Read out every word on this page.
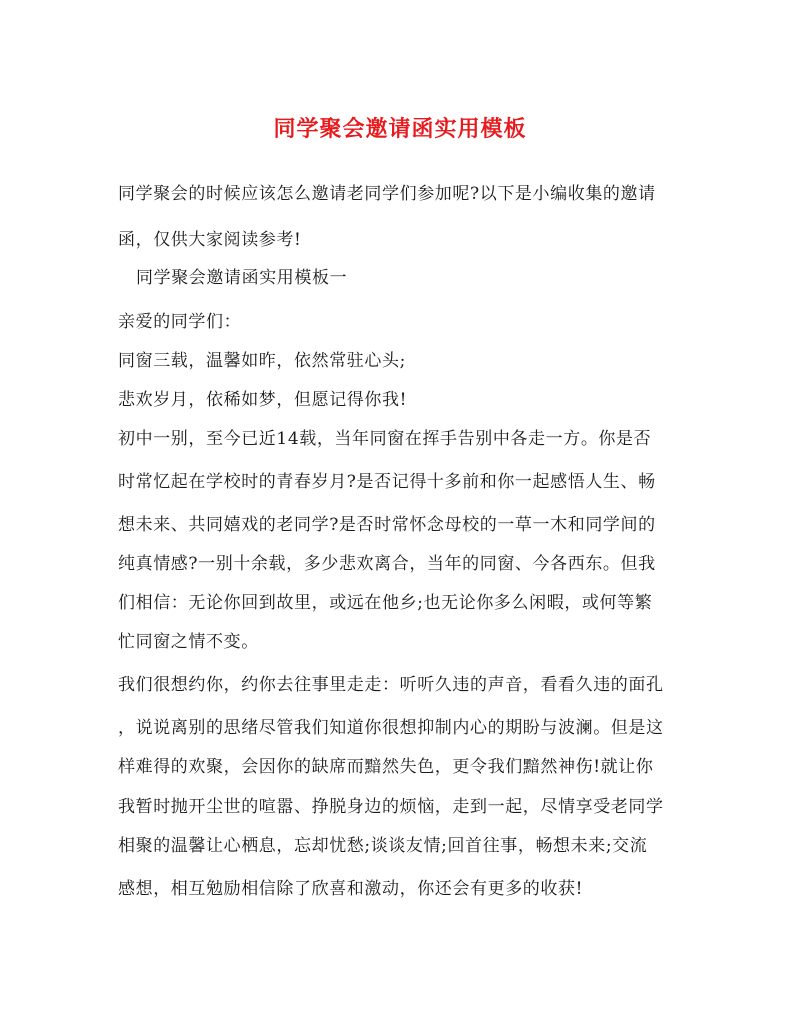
同学聚会邀请函实用模板
同学聚会的时候应该怎么邀请老同学们参加呢?以下是小编收集的邀请
函，仅供大家阅读参考!
同学聚会邀请函实用模板一
亲爱的同学们：
同窗三载，温馨如昨，依然常驻心头;
悲欢岁月，依稀如梦，但愿记得你我!
初中一别，至今已近14载，当年同窗在挥手告别中各走一方。你是否
时常忆起在学校时的青春岁月?是否记得十多前和你一起感悟人生、畅
想未来、共同嬉戏的老同学?是否时常怀念母校的一草一木和同学间的
纯真情感?一别十余载，多少悲欢离合，当年的同窗、今各西东。但我
们相信：无论你回到故里，或远在他乡;也无论你多么闲暇，或何等繁
忙同窗之情不变。
我们很想约你，约你去往事里走走：听听久违的声音，看看久违的面孔
，说说离别的思绪尽管我们知道你很想抑制内心的期盼与波澜。但是这
样难得的欢聚，会因你的缺席而黯然失色，更令我们黯然神伤!就让你
我暂时抛开尘世的喧嚣、挣脱身边的烦恼，走到一起，尽情享受老同学
相聚的温馨让心栖息，忘却忧愁;谈谈友情;回首往事，畅想未来;交流
感想，相互勉励相信除了欣喜和激动，你还会有更多的收获!
